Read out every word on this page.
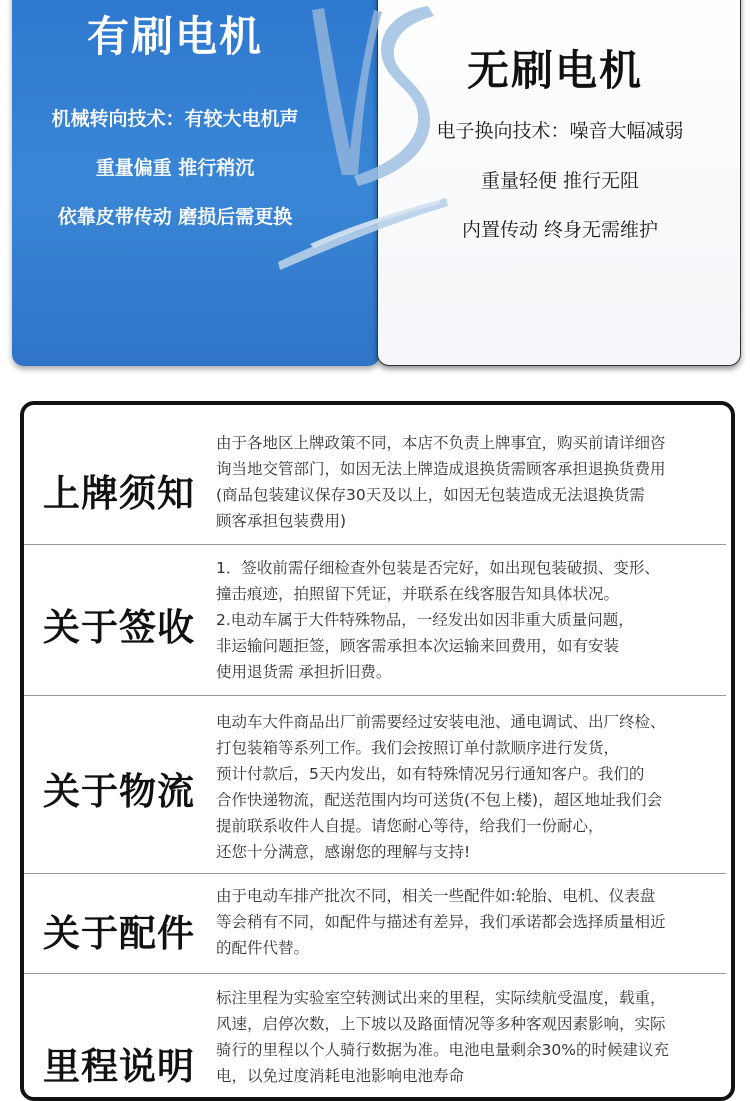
有刷电机
机械转向技术：有较大电机声
重量偏重 推行稍沉
依靠皮带传动 磨损后需更换
无刷电机
电子换向技术：噪音大幅减弱
重量轻便 推行无阻
内置传动 终身无需维护
上牌须知
由于各地区上牌政策不同，本店不负责上牌事宜，购买前请详细咨
询当地交管部门，如因无法上牌造成退换货需顾客承担退换货费用
(商品包装建议保存30天及以上，如因无包装造成无法退换货需
顾客承担包装费用)
关于签收
1．签收前需仔细检查外包装是否完好，如出现包装破损、变形、
撞击痕迹，拍照留下凭证，并联系在线客服告知具体状况。
2.电动车属于大件特殊物品，一经发出如因非重大质量问题，
非运输问题拒签，顾客需承担本次运输来回费用，如有安装
使用退货需 承担折旧费。
关于物流
电动车大件商品出厂前需要经过安装电池、通电调试、出厂终检、
打包装箱等系列工作。我们会按照订单付款顺序进行发货，
预计付款后，5天内发出，如有特殊情况另行通知客户。我们的
合作快递物流，配送范围内均可送货(不包上楼)，超区地址我们会
提前联系收件人自提。请您耐心等待，给我们一份耐心，
还您十分满意，感谢您的理解与支持!
关于配件
由于电动车排产批次不同，相关一些配件如:轮胎、电机、仪表盘
等会稍有不同，如配件与描述有差异，我们承诺都会选择质量相近
的配件代替。
里程说明
标注里程为实验室空转测试出来的里程，实际续航受温度，载重，
风速，启停次数，上下坡以及路面情况等多种客观因素影响，实际
骑行的里程以个人骑行数据为准。电池电量剩余30%的时候建议充
电，以免过度消耗电池影响电池寿命
